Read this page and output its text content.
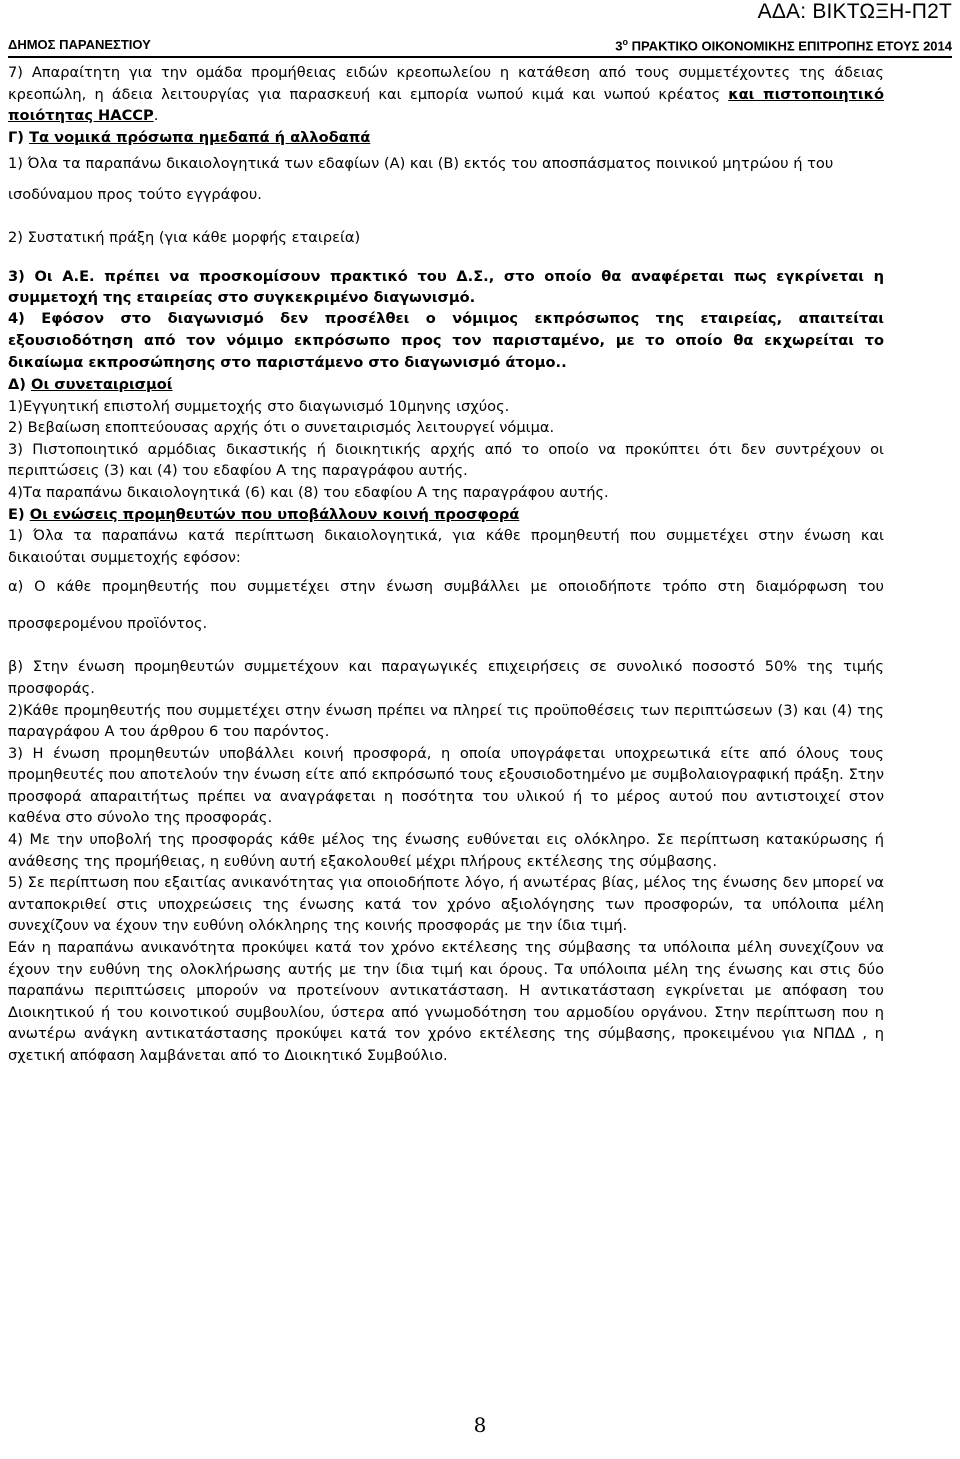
ΑΔΑ: ΒΙΚΤΩΞΗ-Π2Τ
ΔΗΜΟΣ ΠΑΡΑΝΕΣΤΙΟΥ	$3^o$ ΠΡΑΚΤΙΚΟ ΟΙΚΟΝΟΜΙΚΗΣ ΕΠΙΤΡΟΠΗΣ ΕΤΟΥΣ 2014

7) Απαραίτητη για την ομάδα προμήθειας ειδών κρεοπωλείου η κατάθεση από τους συμμετέχοντες της άδειας κρεοπώλη, η άδεια λειτουργίας για παρασκευή και εμπορία νωπού κιμά και νωπού κρέατος και πιστοποιητικό ποιότητας HACCP.

Γ) Τα νομικά πρόσωπα ημεδαπά ή αλλοδαπά

1) Όλα τα παραπάνω δικαιολογητικά των εδαφίων (Α) και (Β) εκτός του αποσπάσματος ποινικού μητρώου ή του ισοδύναμου προς τούτο εγγράφου.

2) Συστατική πράξη (για κάθε μορφής εταιρεία)

3) Οι Α.Ε. πρέπει να προσκομίσουν πρακτικό του Δ.Σ., στο οποίο θα αναφέρεται πως εγκρίνεται η συμμετοχή της εταιρείας στο συγκεκριμένο διαγωνισμό.

4) Εφόσον στο διαγωνισμό δεν προσέλθει ο νόμιμος εκπρόσωπος της εταιρείας, απαιτείται εξουσιοδότηση από τον νόμιμο εκπρόσωπο προς τον παρισταμένο, με το οποίο θα εκχωρείται το δικαίωμα εκπροσώπησης στο παριστάμενο στο διαγωνισμό άτομο..

Δ) Οι συνεταιρισμοί

1)Εγγυητική επιστολή συμμετοχής στο διαγωνισμό 10μηνης ισχύος.

2) Βεβαίωση εποπτεύουσας αρχής ότι ο συνεταιρισμός λειτουργεί νόμιμα.

3) Πιστοποιητικό αρμόδιας δικαστικής ή διοικητικής αρχής από το οποίο να προκύπτει ότι δεν συντρέχουν οι περιπτώσεις (3) και (4) του εδαφίου Α της παραγράφου αυτής.

4)Τα παραπάνω δικαιολογητικά (6) και (8) του εδαφίου Α της παραγράφου αυτής.

Ε) Οι ενώσεις προμηθευτών που υποβάλλουν κοινή προσφορά

1) Όλα τα παραπάνω κατά περίπτωση δικαιολογητικά, για κάθε προμηθευτή που συμμετέχει στην ένωση και δικαιούται συμμετοχής εφόσον:

α) Ο κάθε προμηθευτής που συμμετέχει στην ένωση συμβάλλει με οποιοδήποτε τρόπο στη διαμόρφωση του προσφερομένου προϊόντος.

β) Στην ένωση προμηθευτών συμμετέχουν και παραγωγικές επιχειρήσεις σε συνολικό ποσοστό 50% της τιμής προσφοράς.

2)Κάθε προμηθευτής που συμμετέχει στην ένωση πρέπει να πληρεί τις προϋποθέσεις των περιπτώσεων (3) και (4) της παραγράφου Α του άρθρου 6 του παρόντος.

3) Η ένωση προμηθευτών υποβάλλει κοινή προσφορά, η οποία υπογράφεται υποχρεωτικά είτε από όλους τους προμηθευτές που αποτελούν την ένωση είτε από εκπρόσωπό τους εξουσιοδοτημένο με συμβολαιογραφική πράξη. Στην προσφορά απαραιτήτως πρέπει να αναγράφεται η ποσότητα του υλικού ή το μέρος αυτού που αντιστοιχεί στον καθένα στο σύνολο της προσφοράς.

4) Με την υποβολή της προσφοράς κάθε μέλος της ένωσης ευθύνεται εις ολόκληρο. Σε περίπτωση κατακύρωσης ή ανάθεσης της προμήθειας, η ευθύνη αυτή εξακολουθεί μέχρι πλήρους εκτέλεσης της σύμβασης.

5) Σε περίπτωση που εξαιτίας ανικανότητας για οποιοδήποτε λόγο, ή ανωτέρας βίας, μέλος της ένωσης δεν μπορεί να ανταποκριθεί στις υποχρεώσεις της ένωσης κατά τον χρόνο αξιολόγησης των προσφορών, τα υπόλοιπα μέλη συνεχίζουν να έχουν την ευθύνη ολόκληρης της κοινής προσφοράς με την ίδια τιμή.

Εάν η παραπάνω ανικανότητα προκύψει κατά τον χρόνο εκτέλεσης της σύμβασης τα υπόλοιπα μέλη συνεχίζουν να έχουν την ευθύνη της ολοκλήρωσης αυτής με την ίδια τιμή και όρους. Τα υπόλοιπα μέλη της ένωσης και στις δύο παραπάνω περιπτώσεις μπορούν να προτείνουν αντικατάσταση. Η αντικατάσταση εγκρίνεται με απόφαση του Διοικητικού ή του κοινοτικού συμβουλίου, ύστερα από γνωμοδότηση του αρμοδίου οργάνου. Στην περίπτωση που η ανωτέρω ανάγκη αντικατάστασης προκύψει κατά τον χρόνο εκτέλεσης της σύμβασης, προκειμένου για ΝΠΔΔ , η σχετική απόφαση λαμβάνεται από το Διοικητικό Συμβούλιο.

8
